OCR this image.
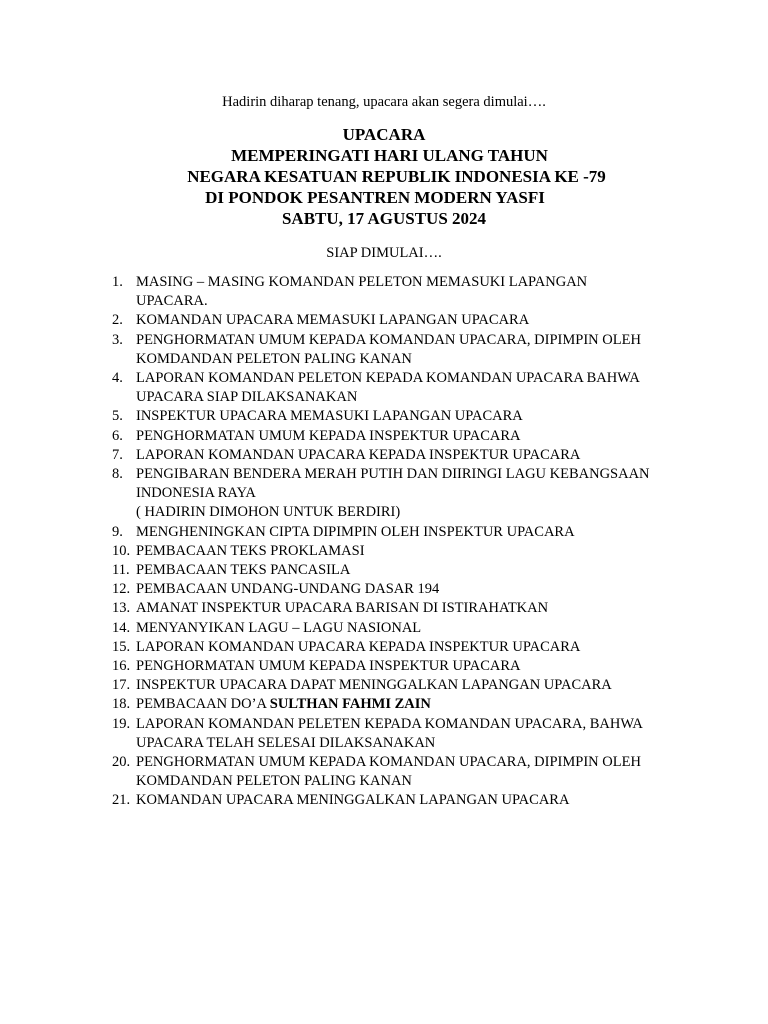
Hadirin diharap tenang, upacara akan segera dimulai….
UPACARA
MEMPERINGATI HARI ULANG TAHUN
NEGARA KESATUAN REPUBLIK INDONESIA KE -79
DI PONDOK PESANTREN MODERN YASFI
SABTU, 17 AGUSTUS 2024
SIAP DIMULAI….
1. MASING – MASING KOMANDAN PELETON MEMASUKI LAPANGAN
UPACARA.
2. KOMANDAN UPACARA MEMASUKI LAPANGAN UPACARA
3. PENGHORMATAN UMUM KEPADA KOMANDAN UPACARA, DIPIMPIN OLEH
KOMDANDAN PELETON PALING KANAN
4. LAPORAN KOMANDAN PELETON KEPADA KOMANDAN UPACARA BAHWA
UPACARA SIAP DILAKSANAKAN
5. INSPEKTUR UPACARA MEMASUKI LAPANGAN UPACARA
6. PENGHORMATAN UMUM KEPADA INSPEKTUR UPACARA
7. LAPORAN KOMANDAN UPACARA KEPADA INSPEKTUR UPACARA
8. PENGIBARAN BENDERA MERAH PUTIH DAN DIIRINGI LAGU KEBANGSAAN
INDONESIA RAYA
( HADIRIN DIMOHON UNTUK BERDIRI)
9. MENGHENINGKAN CIPTA DIPIMPIN OLEH INSPEKTUR UPACARA
10. PEMBACAAN TEKS PROKLAMASI
11. PEMBACAAN TEKS PANCASILA
12. PEMBACAAN UNDANG-UNDANG DASAR 194
13. AMANAT INSPEKTUR UPACARA BARISAN DI ISTIRAHATKAN
14. MENYANYIKAN LAGU – LAGU NASIONAL
15. LAPORAN KOMANDAN UPACARA KEPADA INSPEKTUR UPACARA
16. PENGHORMATAN UMUM KEPADA INSPEKTUR UPACARA
17. INSPEKTUR UPACARA DAPAT MENINGGALKAN LAPANGAN UPACARA
18. PEMBACAAN DO’A SULTHAN FAHMI ZAIN
19. LAPORAN KOMANDAN PELETEN KEPADA KOMANDAN UPACARA, BAHWA
UPACARA TELAH SELESAI DILAKSANAKAN
20. PENGHORMATAN UMUM KEPADA KOMANDAN UPACARA, DIPIMPIN OLEH
KOMDANDAN PELETON PALING KANAN
21. KOMANDAN UPACARA MENINGGALKAN LAPANGAN UPACARA
